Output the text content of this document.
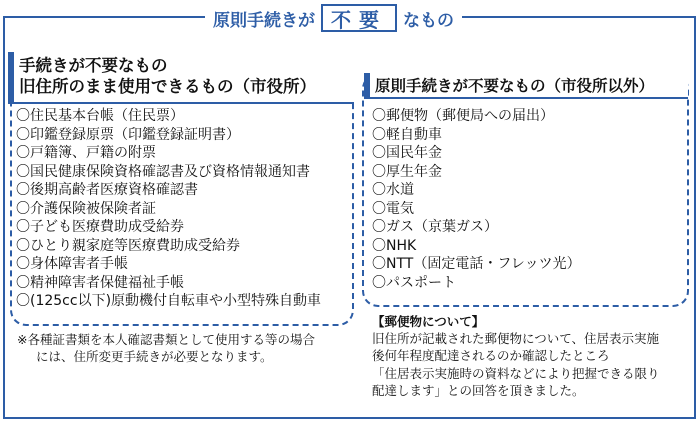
原則手続きが 不要 なもの
手続きが不要なもの
旧住所のまま使用できるもの（市役所）
〇住民基本台帳（住民票）
〇印鑑登録原票（印鑑登録証明書）
〇戸籍簿、戸籍の附票
〇国民健康保険資格確認書及び資格情報通知書
〇後期高齢者医療資格確認書
〇介護保険被保険者証
〇子ども医療費助成受給券
〇ひとり親家庭等医療費助成受給券
〇身体障害者手帳
〇精神障害者保健福祉手帳
〇(125cc以下)原動機付自転車や小型特殊自動車
※各種証書類を本人確認書類として使用する等の場合
には、住所変更手続きが必要となります。
原則手続きが不要なもの（市役所以外）
〇郵便物（郵便局への届出）
〇軽自動車
〇国民年金
〇厚生年金
〇水道
〇電気
〇ガス（京葉ガス）
〇NHK
〇NTT（固定電話・フレッツ光）
〇パスポート
【郵便物について】
旧住所が記載された郵便物について、住居表示実施
後何年程度配達されるのか確認したところ
「住居表示実施時の資料などにより把握できる限り
配達します」との回答を頂きました。
